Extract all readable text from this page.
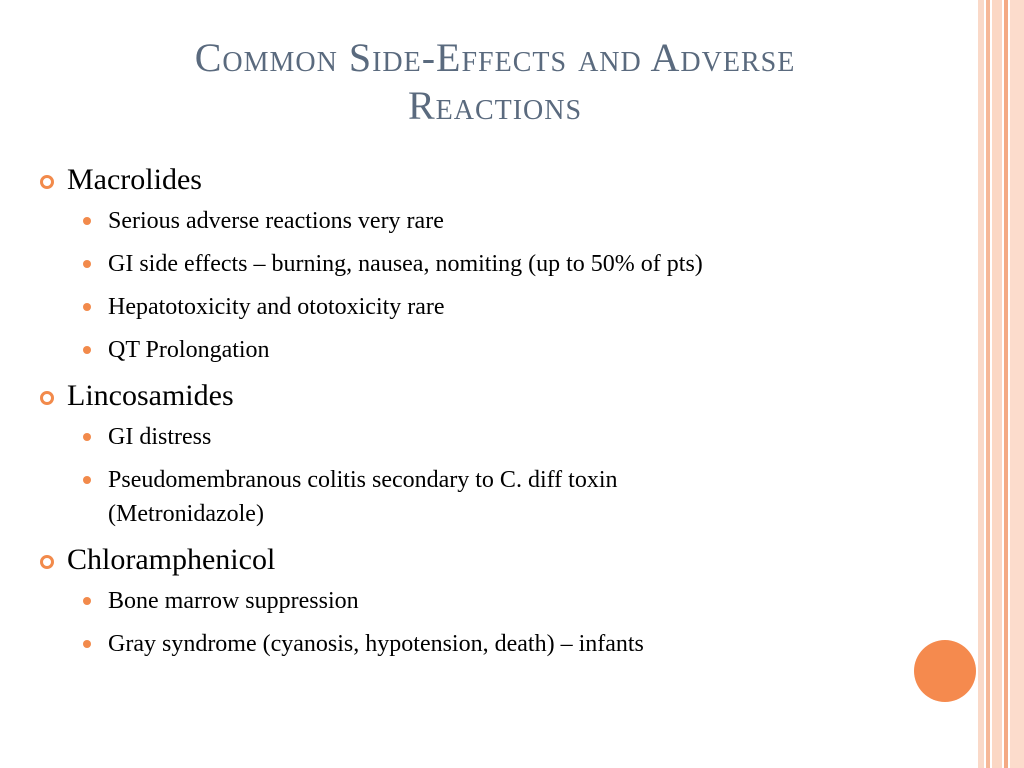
Common Side-Effects and Adverse
Reactions
Macrolides
Serious adverse reactions very rare
GI side effects – burning, nausea, nomiting (up to 50% of pts)
Hepatotoxicity and ototoxicity rare
QT Prolongation
Lincosamides
GI distress
Pseudomembranous colitis secondary to C. diff toxin
(Metronidazole)
Chloramphenicol
Bone marrow suppression
Gray syndrome (cyanosis, hypotension, death) – infants
